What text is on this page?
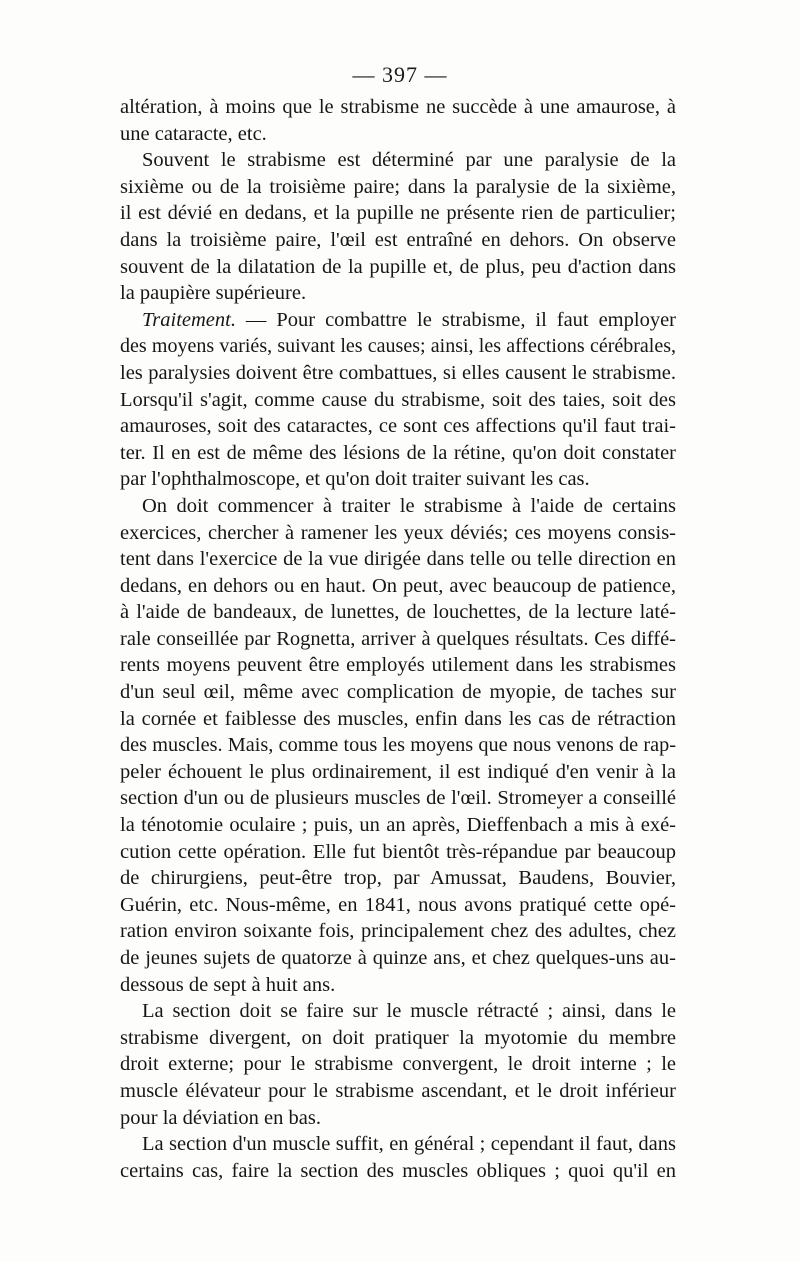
— 397 —
altération, à moins que le strabisme ne succède à une amaurose, à
une cataracte, etc.
Souvent le strabisme est déterminé par une paralysie de la
sixième ou de la troisième paire; dans la paralysie de la sixième,
il est dévié en dedans, et la pupille ne présente rien de particulier;
dans la troisième paire, l'œil est entraîné en dehors. On observe
souvent de la dilatation de la pupille et, de plus, peu d'action dans
la paupière supérieure.
Traitement. — Pour combattre le strabisme, il faut employer
des moyens variés, suivant les causes; ainsi, les affections cérébrales,
les paralysies doivent être combattues, si elles causent le strabisme.
Lorsqu'il s'agit, comme cause du strabisme, soit des taies, soit des
amauroses, soit des cataractes, ce sont ces affections qu'il faut trai-
ter. Il en est de même des lésions de la rétine, qu'on doit constater
par l'ophthalmoscope, et qu'on doit traiter suivant les cas.
On doit commencer à traiter le strabisme à l'aide de certains
exercices, chercher à ramener les yeux déviés; ces moyens consis-
tent dans l'exercice de la vue dirigée dans telle ou telle direction en
dedans, en dehors ou en haut. On peut, avec beaucoup de patience,
à l'aide de bandeaux, de lunettes, de louchettes, de la lecture laté-
rale conseillée par Rognetta, arriver à quelques résultats. Ces diffé-
rents moyens peuvent être employés utilement dans les strabismes
d'un seul œil, même avec complication de myopie, de taches sur
la cornée et faiblesse des muscles, enfin dans les cas de rétraction
des muscles. Mais, comme tous les moyens que nous venons de rap-
peler échouent le plus ordinairement, il est indiqué d'en venir à la
section d'un ou de plusieurs muscles de l'œil. Stromeyer a conseillé
la ténotomie oculaire ; puis, un an après, Dieffenbach a mis à exé-
cution cette opération. Elle fut bientôt très-répandue par beaucoup
de chirurgiens, peut-être trop, par Amussat, Baudens, Bouvier,
Guérin, etc. Nous-même, en 1841, nous avons pratiqué cette opé-
ration environ soixante fois, principalement chez des adultes, chez
de jeunes sujets de quatorze à quinze ans, et chez quelques-uns au-
dessous de sept à huit ans.
La section doit se faire sur le muscle rétracté ; ainsi, dans le
strabisme divergent, on doit pratiquer la myotomie du membre
droit externe; pour le strabisme convergent, le droit interne ; le
muscle élévateur pour le strabisme ascendant, et le droit inférieur
pour la déviation en bas.
La section d'un muscle suffit, en général ; cependant il faut, dans
certains cas, faire la section des muscles obliques ; quoi qu'il en
